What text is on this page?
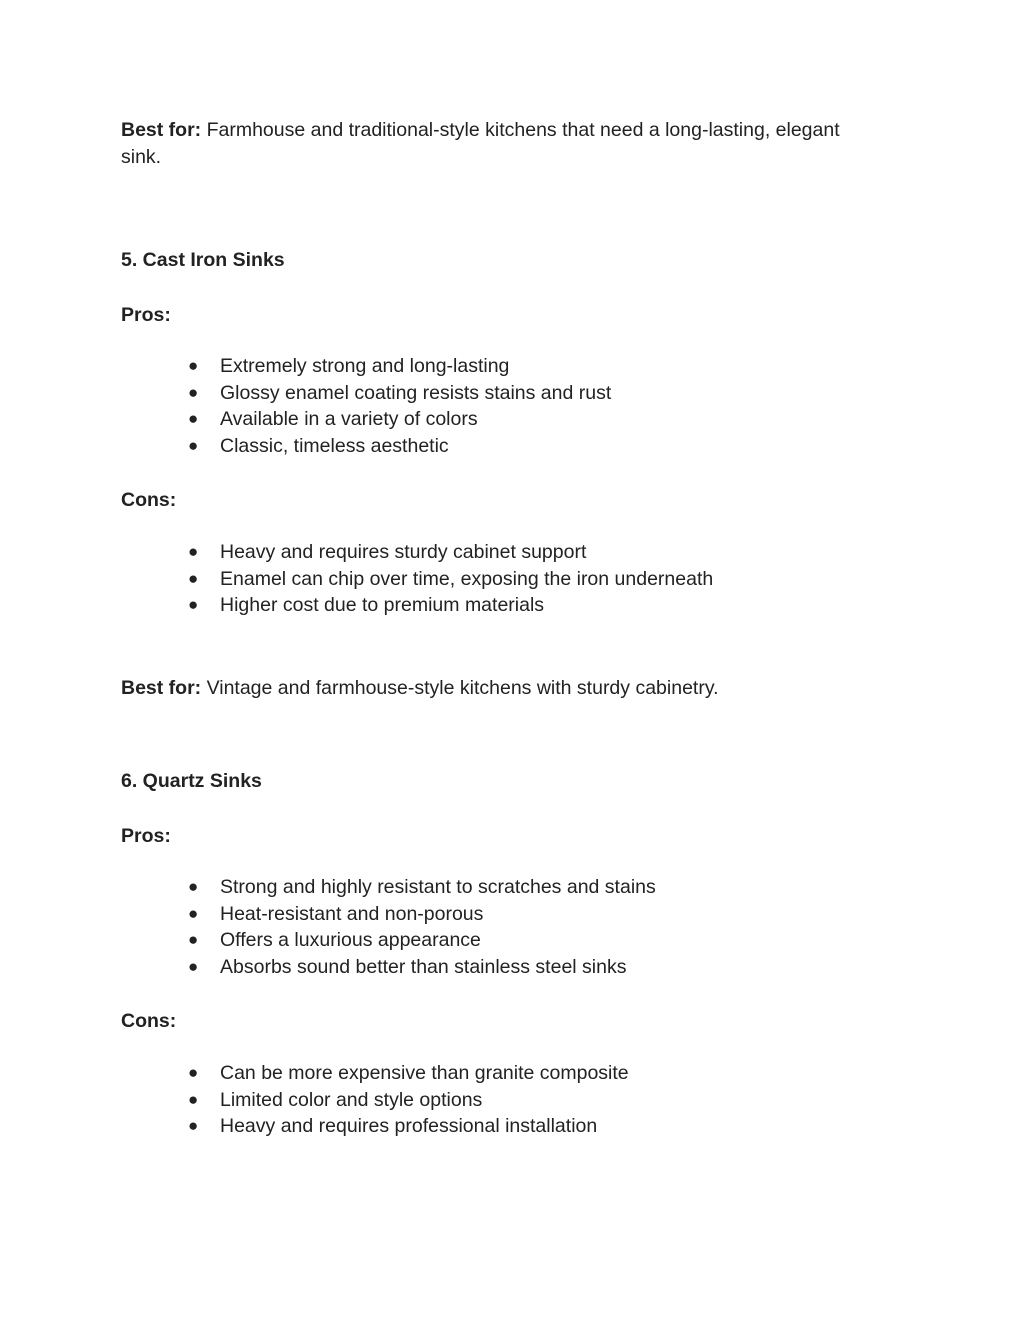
Best for: Farmhouse and traditional-style kitchens that need a long-lasting, elegant sink.
5. Cast Iron Sinks
Pros:
● Extremely strong and long-lasting
● Glossy enamel coating resists stains and rust
● Available in a variety of colors
● Classic, timeless aesthetic
Cons:
● Heavy and requires sturdy cabinet support
● Enamel can chip over time, exposing the iron underneath
● Higher cost due to premium materials
Best for: Vintage and farmhouse-style kitchens with sturdy cabinetry.
6. Quartz Sinks
Pros:
● Strong and highly resistant to scratches and stains
● Heat-resistant and non-porous
● Offers a luxurious appearance
● Absorbs sound better than stainless steel sinks
Cons:
● Can be more expensive than granite composite
● Limited color and style options
● Heavy and requires professional installation
